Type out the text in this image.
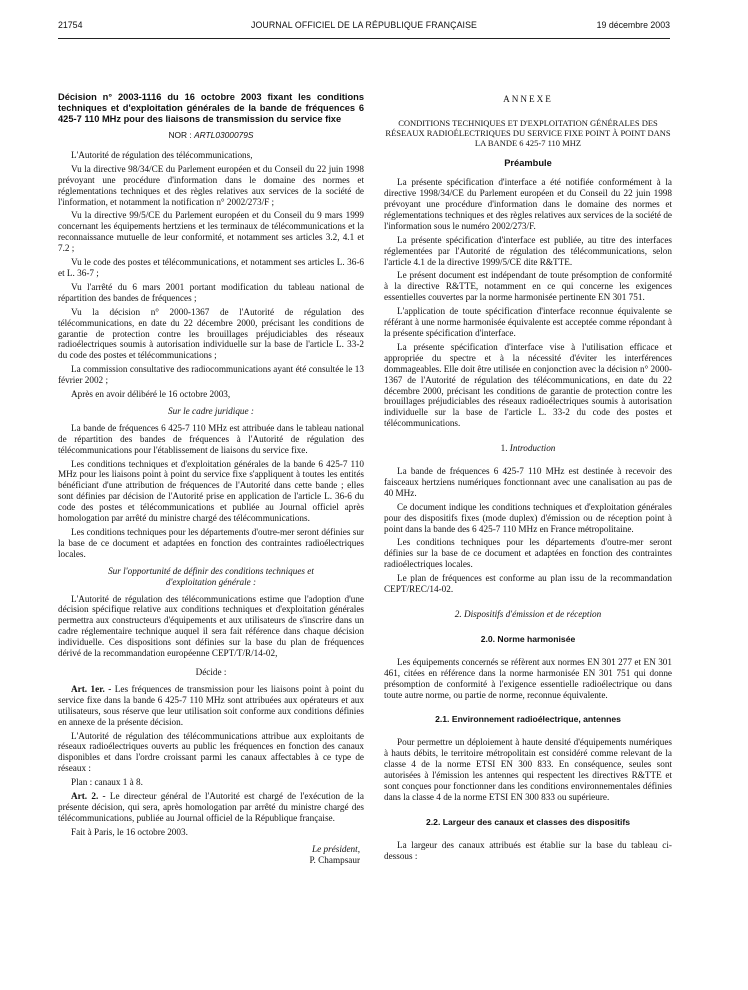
21754	JOURNAL OFFICIEL DE LA RÉPUBLIQUE FRANÇAISE	19 décembre 2003
Décision n° 2003-1116 du 16 octobre 2003 fixant les conditions techniques et d'exploitation générales de la bande de fréquences 6 425-7 110 MHz pour des liaisons de transmission du service fixe
NOR : ARTL0300079S

L'Autorité de régulation des télécommunications,

Vu la directive 98/34/CE du Parlement européen et du Conseil du 22 juin 1998 prévoyant une procédure d'information dans le domaine des normes et réglementations techniques et des règles relatives aux services de la société de l'information, et notamment la notification n° 2002/273/F ;

Vu la directive 99/5/CE du Parlement européen et du Conseil du 9 mars 1999 concernant les équipements hertziens et les terminaux de télécommunications et la reconnaissance mutuelle de leur conformité, et notamment ses articles 3.2, 4.1 et 7.2 ;

Vu le code des postes et télécommunications, et notamment ses articles L. 36-6 et L. 36-7 ;

Vu l'arrêté du 6 mars 2001 portant modification du tableau national de répartition des bandes de fréquences ;

Vu la décision n° 2000-1367 de l'Autorité de régulation des télécommunications, en date du 22 décembre 2000, précisant les conditions de garantie de protection contre les brouillages préjudiciables des réseaux radioélectriques soumis à autorisation individuelle sur la base de l'article L. 33-2 du code des postes et télécommunications ;

La commission consultative des radiocommunications ayant été consultée le 13 février 2002 ;

Après en avoir délibéré le 16 octobre 2003,

Sur le cadre juridique :

La bande de fréquences 6 425-7 110 MHz est attribuée dans le tableau national de répartition des bandes de fréquences à l'Autorité de régulation des télécommunications pour l'établissement de liaisons du service fixe.

Les conditions techniques et d'exploitation générales de la bande 6 425-7 110 MHz pour les liaisons point à point du service fixe s'appliquent à toutes les entités bénéficiant d'une attribution de fréquences de l'Autorité dans cette bande ; elles sont définies par décision de l'Autorité prise en application de l'article L. 36-6 du code des postes et télécommunications et publiée au Journal officiel après homologation par arrêté du ministre chargé des télécommunications.

Les conditions techniques pour les départements d'outre-mer seront définies sur la base de ce document et adaptées en fonction des contraintes radioélectriques locales.

Sur l'opportunité de définir des conditions techniques et d'exploitation générale :

L'Autorité de régulation des télécommunications estime que l'adoption d'une décision spécifique relative aux conditions techniques et d'exploitation générales permettra aux constructeurs d'équipements et aux utilisateurs de s'inscrire dans un cadre réglementaire technique auquel il sera fait référence dans chaque décision individuelle. Ces dispositions sont définies sur la base du plan de fréquences dérivé de la recommandation européenne CEPT/T/R/14-02,

Décide :

Art. 1er. - Les fréquences de transmission pour les liaisons point à point du service fixe dans la bande 6 425-7 110 MHz sont attribuées aux opérateurs et aux utilisateurs, sous réserve que leur utilisation soit conforme aux conditions définies en annexe de la présente décision.

L'Autorité de régulation des télécommunications attribue aux exploitants de réseaux radioélectriques ouverts au public les fréquences en fonction des canaux disponibles et dans l'ordre croissant parmi les canaux affectables à ce type de réseaux :

Plan : canaux 1 à 8.

Art. 2. - Le directeur général de l'Autorité est chargé de l'exécution de la présente décision, qui sera, après homologation par arrêté du ministre chargé des télécommunications, publiée au Journal officiel de la République française.

Fait à Paris, le 16 octobre 2003.

Le président,
P. Champsaur
ANNEXE
CONDITIONS TECHNIQUES ET D'EXPLOITATION GÉNÉRALES DES RÉSEAUX RADIOÉLECTRIQUES DU SERVICE FIXE POINT À POINT DANS LA BANDE 6 425-7 110 MHZ
Préambule

La présente spécification d'interface a été notifiée conformément à la directive 1998/34/CE du Parlement européen et du Conseil du 22 juin 1998 prévoyant une procédure d'information dans le domaine des normes et réglementations techniques et des règles relatives aux services de la société de l'information sous le numéro 2002/273/F.

La présente spécification d'interface est publiée, au titre des interfaces réglementées par l'Autorité de régulation des télécommunications, selon l'article 4.1 de la directive 1999/5/CE dite R&TTE.

Le présent document est indépendant de toute présomption de conformité à la directive R&TTE, notamment en ce qui concerne les exigences essentielles couvertes par la norme harmonisée pertinente EN 301 751.

L'application de toute spécification d'interface reconnue équivalente se référant à une norme harmonisée équivalente est acceptée comme répondant à la présente spécification d'interface.

La présente spécification d'interface vise à l'utilisation efficace et appropriée du spectre et à la nécessité d'éviter les interférences dommageables. Elle doit être utilisée en conjonction avec la décision n° 2000-1367 de l'Autorité de régulation des télécommunications, en date du 22 décembre 2000, précisant les conditions de garantie de protection contre les brouillages préjudiciables des réseaux radioélectriques soumis à autorisation individuelle sur la base de l'article L. 33-2 du code des postes et télécommunications.

1. Introduction

La bande de fréquences 6 425-7 110 MHz est destinée à recevoir des faisceaux hertziens numériques fonctionnant avec une canalisation au pas de 40 MHz.

Ce document indique les conditions techniques et d'exploitation générales pour des dispositifs fixes (mode duplex) d'émission ou de réception point à point dans la bande des 6 425-7 110 MHz en France métropolitaine.

Les conditions techniques pour les départements d'outre-mer seront définies sur la base de ce document et adaptées en fonction des contraintes radioélectriques locales.

Le plan de fréquences est conforme au plan issu de la recommandation CEPT/REC/14-02.

2. Dispositifs d'émission et de réception
2.0. Norme harmonisée

Les équipements concernés se réfèrent aux normes EN 301 277 et EN 301 461, citées en référence dans la norme harmonisée EN 301 751 qui donne présomption de conformité à l'exigence essentielle radioélectrique ou dans toute autre norme, ou partie de norme, reconnue équivalente.

2.1. Environnement radioélectrique, antennes

Pour permettre un déploiement à haute densité d'équipements numériques à hauts débits, le territoire métropolitain est considéré comme relevant de la classe 4 de la norme ETSI EN 300 833. En conséquence, seules sont autorisées à l'émission les antennes qui respectent les directives R&TTE et sont conçues pour fonctionner dans les conditions environnementales définies dans la classe 4 de la norme ETSI EN 300 833 ou supérieure.

2.2. Largeur des canaux et classes des dispositifs

La largeur des canaux attribués est établie sur la base du tableau ci-dessous :
